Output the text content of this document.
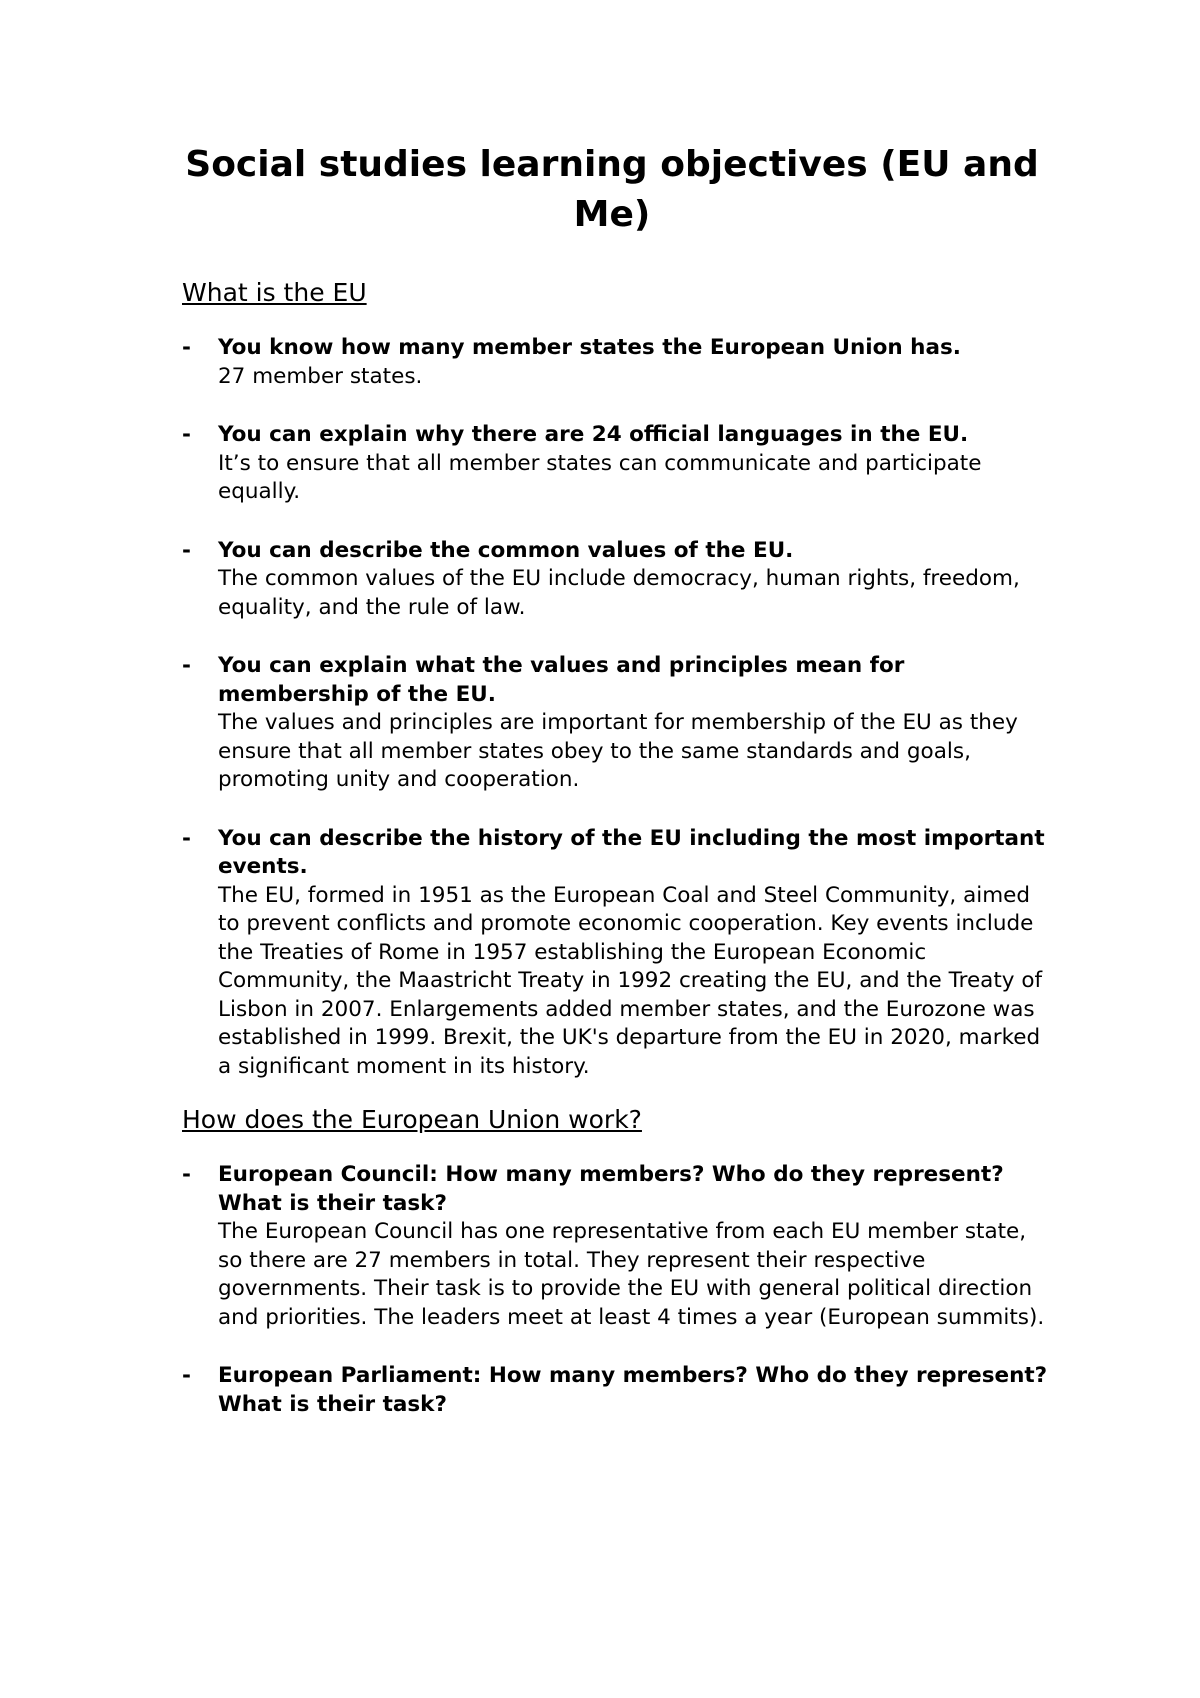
Social studies learning objectives (EU and Me)
What is the EU
- You know how many member states the European Union has.
27 member states.
- You can explain why there are 24 official languages in the EU.
It’s to ensure that all member states can communicate and participate equally.
- You can describe the common values of the EU.
The common values of the EU include democracy, human rights, freedom, equality, and the rule of law.
- You can explain what the values and principles mean for membership of the EU.
The values and principles are important for membership of the EU as they ensure that all member states obey to the same standards and goals, promoting unity and cooperation.
- You can describe the history of the EU including the most important events.
The EU, formed in 1951 as the European Coal and Steel Community, aimed to prevent conflicts and promote economic cooperation. Key events include the Treaties of Rome in 1957 establishing the European Economic Community, the Maastricht Treaty in 1992 creating the EU, and the Treaty of Lisbon in 2007. Enlargements added member states, and the Eurozone was established in 1999. Brexit, the UK's departure from the EU in 2020, marked a significant moment in its history.
How does the European Union work?
- European Council: How many members? Who do they represent? What is their task?
The European Council has one representative from each EU member state, so there are 27 members in total. They represent their respective governments. Their task is to provide the EU with general political direction and priorities. The leaders meet at least 4 times a year (European summits).
- European Parliament: How many members? Who do they represent? What is their task?
